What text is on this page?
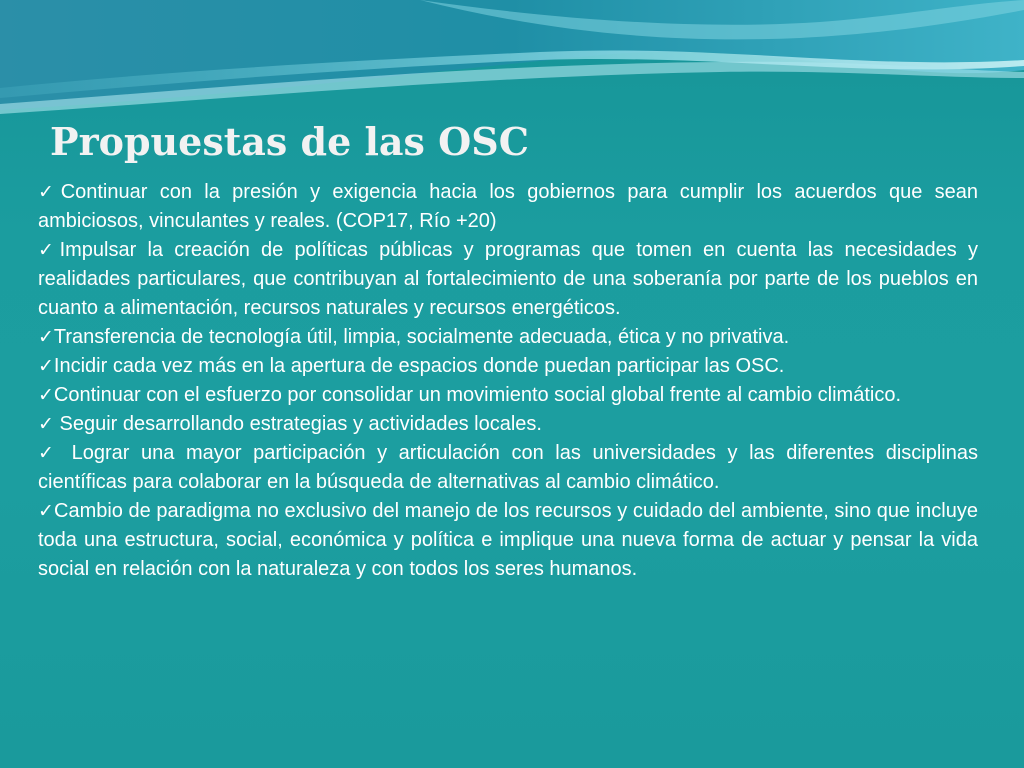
Propuestas de las OSC
✓Continuar con la presión y exigencia hacia los gobiernos para cumplir los acuerdos que sean ambiciosos, vinculantes y reales. (COP17, Río +20)
✓Impulsar la creación de políticas públicas y programas que tomen en cuenta las necesidades y realidades particulares, que contribuyan al fortalecimiento de una soberanía por parte de los pueblos en cuanto a alimentación, recursos naturales y recursos energéticos.
✓Transferencia de tecnología útil, limpia, socialmente adecuada, ética y no privativa.
✓Incidir cada vez más en la apertura de espacios donde puedan participar las OSC.
✓Continuar con el esfuerzo por consolidar un movimiento social global frente al cambio climático.
✓ Seguir desarrollando estrategias y actividades locales.
✓ Lograr una mayor participación y articulación con las universidades y las diferentes disciplinas científicas para colaborar en la búsqueda de alternativas al cambio climático.
✓Cambio de paradigma no exclusivo del manejo de los recursos y cuidado del ambiente, sino que incluye toda una estructura, social, económica y política e implique una nueva forma de actuar y pensar la vida social en relación con la naturaleza y con todos los seres humanos.
